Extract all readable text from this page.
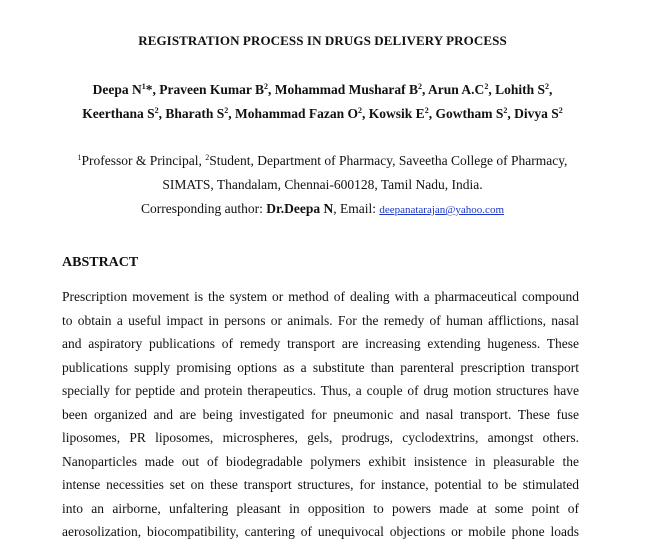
REGISTRATION PROCESS IN DRUGS DELIVERY PROCESS
Deepa $N^1*$, Praveen Kumar $B^2$, Mohammad Musharaf $B^2$, Arun $A.C^2$, Lohith $S^2$,
Keerthana $S^2$, Bharath $S^2$, Mohammad Fazan $O^2$, Kowsik $E^2$, Gowtham $S^2$, Divya $S^2$
$^1$Professor & Principal, $^2$Student, Department of Pharmacy, Saveetha College of Pharmacy,
SIMATS, Thandalam, Chennai-600128, Tamil Nadu, India.
Corresponding author: Dr.Deepa N, Email: deepanatarajan@yahoo.com
ABSTRACT
Prescription movement is the system or method of dealing with a pharmaceutical compound
to obtain a useful impact in persons or animals. For the remedy of human afflictions, nasal
and aspiratory publications of remedy transport are increasing extending hugeness. These
publications supply promising options as a substitute than parenteral prescription transport
specially for peptide and protein therapeutics. Thus, a couple of drug motion structures have
been organized and are being investigated for pneumonic and nasal transport. These fuse
liposomes, PR liposomes, microspheres, gels, prodrugs, cyclodextrins, amongst others.
Nanoparticles made out of biodegradable polymers exhibit insistence in pleasurable the
intense necessities set on these transport structures, for instance, potential to be stimulated
into an airborne, unfaltering pleasant in opposition to powers made at some point of
aerosolization, biocompatibility, cantering of unequivocal objections or mobile phone loads
